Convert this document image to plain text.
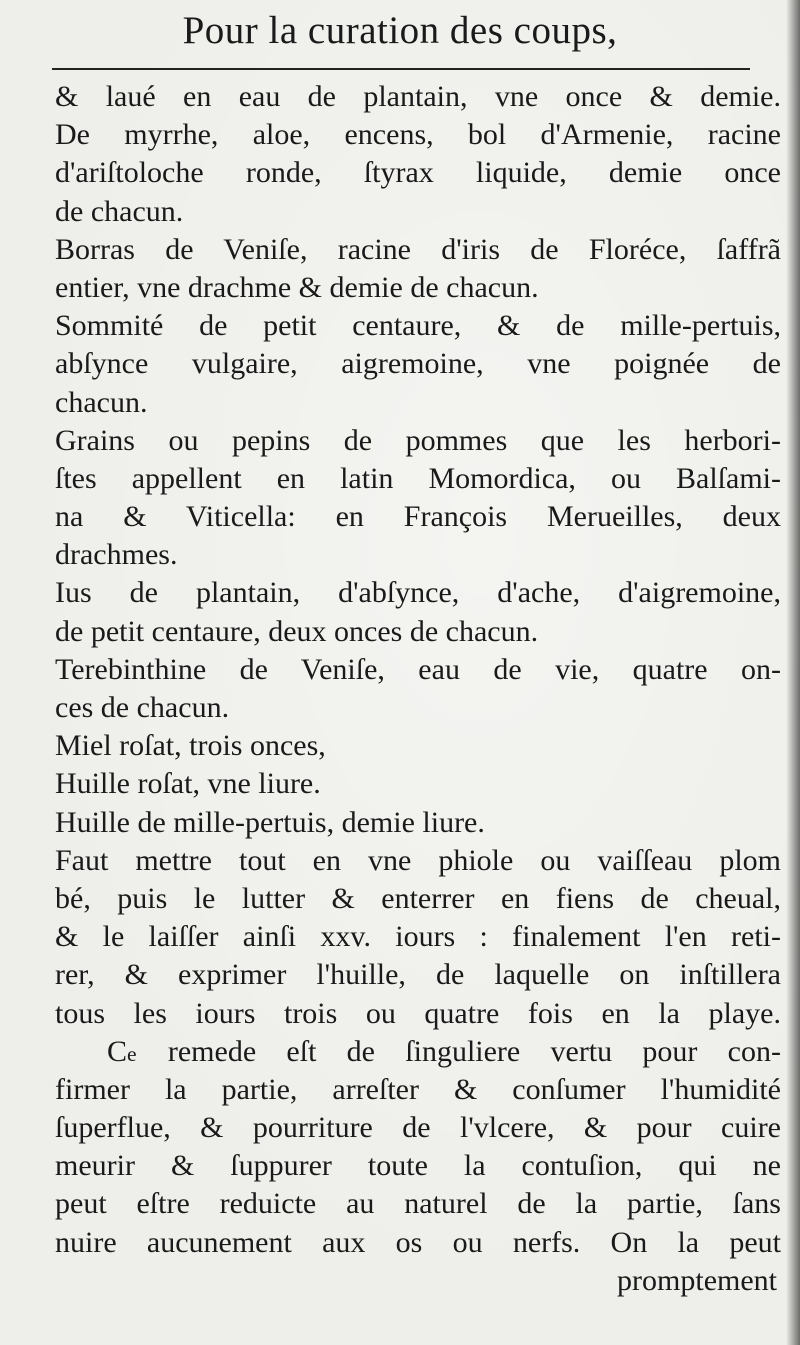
Pour la curation des coups,
& laué en eau de plantain, vne once & demie.
De myrrhe, aloe, encens, bol d'Armenie, racine
d'ariſtoloche ronde, ſtyrax liquide, demie once
de chacun.
Borras de Veniſe, racine d'iris de Floréce, ſaffrã
entier, vne drachme & demie de chacun.
Sommité de petit centaure, & de mille-pertuis,
abſynce vulgaire, aigremoine, vne poignée de
chacun.
Grains ou pepins de pommes que les herbori-
ſtes appellent en latin Momordica, ou Balſami-
na & Viticella: en François Merueilles, deux
drachmes.
Ius de plantain, d'abſynce, d'ache, d'aigremoine,
de petit centaure, deux onces de chacun.
Terebinthine de Veniſe, eau de vie, quatre on-
ces de chacun.
Miel roſat, trois onces,
Huille roſat, vne liure.
Huille de mille-pertuis, demie liure.
Faut mettre tout en vne phiole ou vaiſſeau plom
bé, puis le lutter & enterrer en fiens de cheual,
& le laiſſer ainſi xxv. iours : finalement l'en reti-
rer, & exprimer l'huille, de laquelle on inſtillera
tous les iours trois ou quatre fois en la playe.
Ce remede eſt de ſinguliere vertu pour con-
firmer la partie, arreſter & conſumer l'humidité
ſuperflue, & pourriture de l'vlcere, & pour cuire
meurir & ſuppurer toute la contuſion, qui ne
peut eſtre reduicte au naturel de la partie, ſans
nuire aucunement aux os ou nerfs. On la peut
promptement
